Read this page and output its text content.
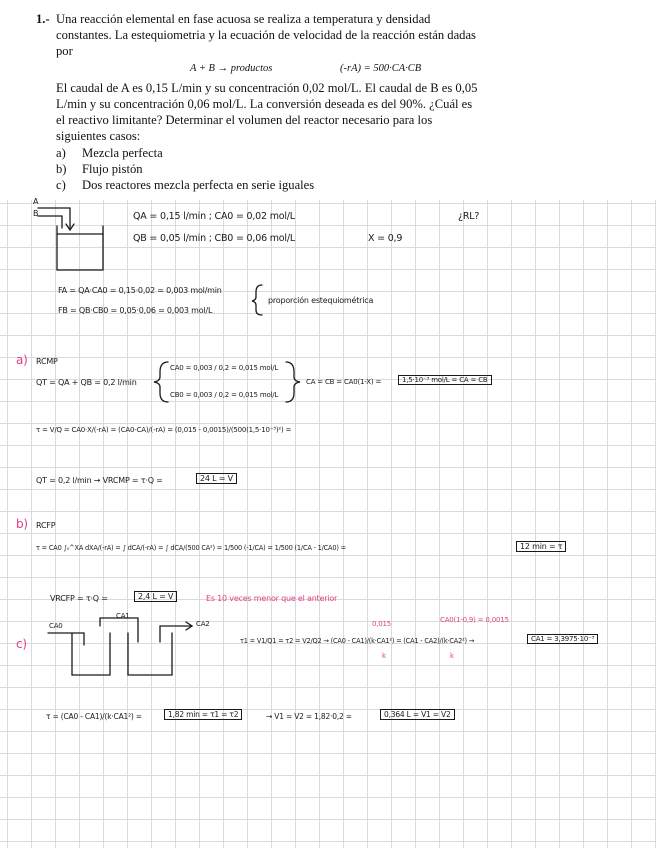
1.- Una reacción elemental en fase acuosa se realiza a temperatura y densidad
constantes. La estequiometria y la ecuación de velocidad de la reacción están dadas
por
A + B → productos	(-rA) = 500·CA·CB
El caudal de A es 0,15 L/min y su concentración 0,02 mol/L. El caudal de B es 0,05
L/min y su concentración 0,06 mol/L. La conversión deseada es del 90%. ¿Cuál es
el reactivo limitante? Determinar el volumen del reactor necesario para los
siguientes casos:
a) Mezcla perfecta
b) Flujo pistón
c) Dos reactores mezcla perfecta en serie iguales
A
B	QA = 0,15 l/min ; CA0 = 0,02 mol/L
QB = 0,05 l/min ; CB0 = 0,06 mol/L	X = 0,9
¿RL?
FA = QA·CA0 = 0,15·0,02 = 0,003 mol/min
FB = QB·CB0 = 0,05·0,06 = 0,003 mol/L
proporción estequiométrica
a) RCMP
QT = QA + QB = 0,2 l/min
CA0 = 0,003 / 0,2 = 0,015 mol/L
CB0 = 0,003 / 0,2 = 0,015 mol/L
CA = CB = CA0(1-X) =	1,5·10⁻³ mol/L = CA = CB
τ = V/Q = CA0·X/(-rA) = (CA0-CA)/(-rA) = (0,015 - 0,0015)/(500(1,5·10⁻³)²) =
QT = 0,2 l/min → VRCMP = τ·Q =	24 L = V
b) RCFP
τ = CA0 ∫₀^XA dXA/(-rA) = ∫ dCA/(-rA) = ∫ dCA/(500 CA²) = 1/500 (-1/CA) = 1/500 (1/CA - 1/CA0) =	12 min = τ
VRCFP = τ·Q =	2,4 L = V	Es 10 veces menor que el anterior
c)
CA0
CA1
CA2	0,015	CA0(1-0,9) = 0,0015
τ1 = V1/Q1 = τ2 = V2/Q2 → (CA0 - CA1)/(k·CA1²) = (CA1 - CA2)/(k·CA2²) →
k	k
CA1 = 3,3975·10⁻³
τ = (CA0 - CA1)/(k·CA1²) =	1,82 min = τ1 = τ2	→ V1 = V2 = 1,82·0,2 =	0,364 L = V1 = V2
